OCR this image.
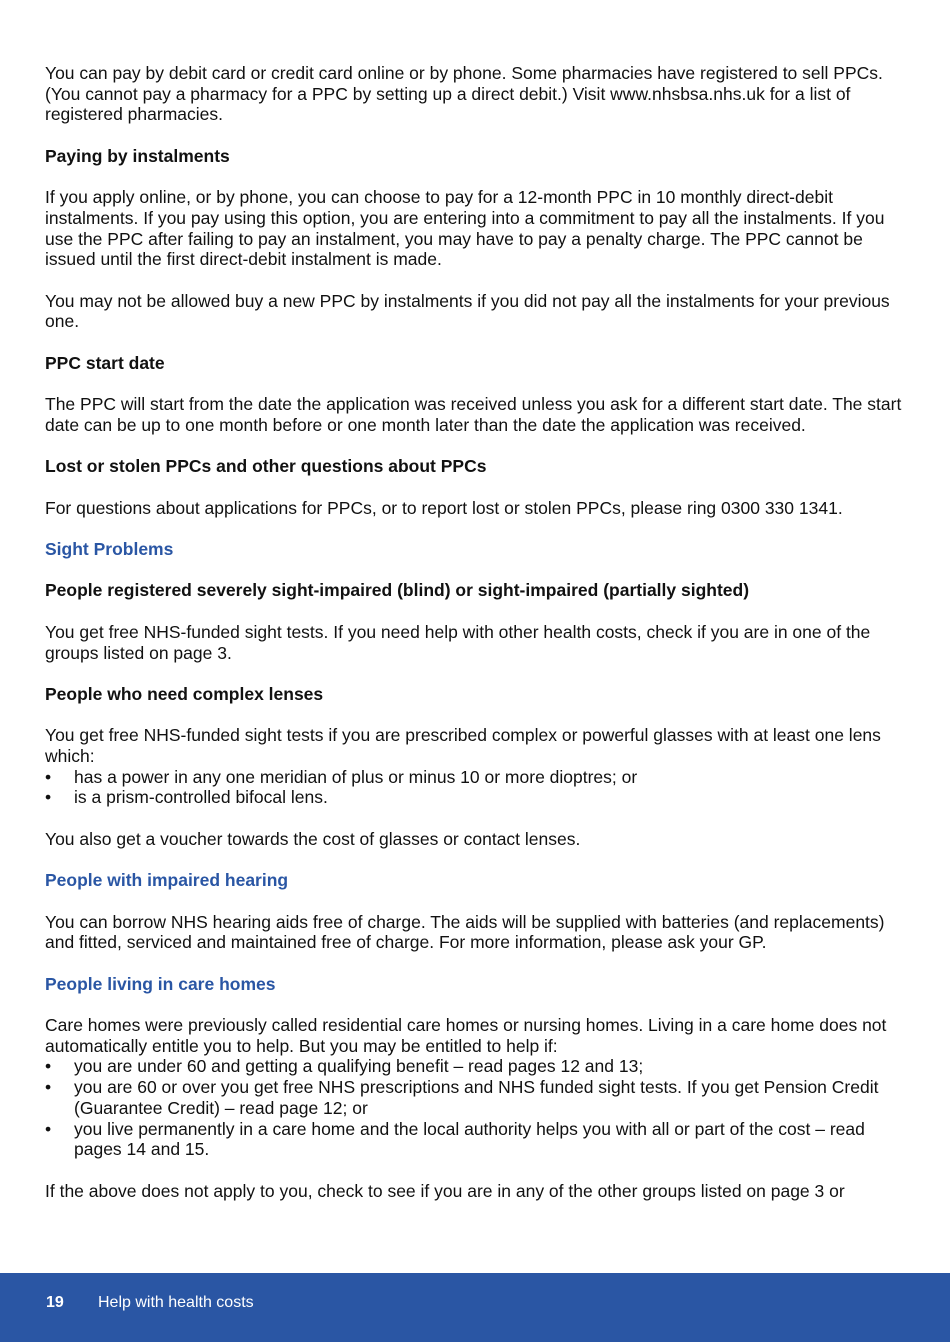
You can pay by debit card or credit card online or by phone. Some pharmacies have registered to sell PPCs. (You cannot pay a pharmacy for a PPC by setting up a direct debit.) Visit www.nhsbsa.nhs.uk for a list of registered pharmacies.

Paying by instalments

If you apply online, or by phone, you can choose to pay for a 12-month PPC in 10 monthly direct-debit instalments. If you pay using this option, you are entering into a commitment to pay all the instalments. If you use the PPC after failing to pay an instalment, you may have to pay a penalty charge. The PPC cannot be issued until the first direct-debit instalment is made.

You may not be allowed buy a new PPC by instalments if you did not pay all the instalments for your previous one.

PPC start date

The PPC will start from the date the application was received unless you ask for a different start date. The start date can be up to one month before or one month later than the date the application was received.

Lost or stolen PPCs and other questions about PPCs

For questions about applications for PPCs, or to report lost or stolen PPCs, please ring 0300 330 1341.

Sight Problems
People registered severely sight-impaired (blind) or sight-impaired (partially sighted)

You get free NHS-funded sight tests. If you need help with other health costs, check if you are in one of the groups listed on page 3.

People who need complex lenses

You get free NHS-funded sight tests if you are prescribed complex or powerful glasses with at least one lens which:

• has a power in any one meridian of plus or minus 10 or more dioptres; or
• is a prism-controlled bifocal lens.

You also get a voucher towards the cost of glasses or contact lenses.

People with impaired hearing

You can borrow NHS hearing aids free of charge. The aids will be supplied with batteries (and replacements) and fitted, serviced and maintained free of charge. For more information, please ask your GP.

People living in care homes

Care homes were previously called residential care homes or nursing homes. Living in a care home does not automatically entitle you to help. But you may be entitled to help if:

• you are under 60 and getting a qualifying benefit – read pages 12 and 13;
• you are 60 or over you get free NHS prescriptions and NHS funded sight tests. If you get Pension Credit (Guarantee Credit) – read page 12; or
• you live permanently in a care home and the local authority helps you with all or part of the cost – read pages 14 and 15.

If the above does not apply to you, check to see if you are in any of the other groups listed on page 3 or

19 Help with health costs
